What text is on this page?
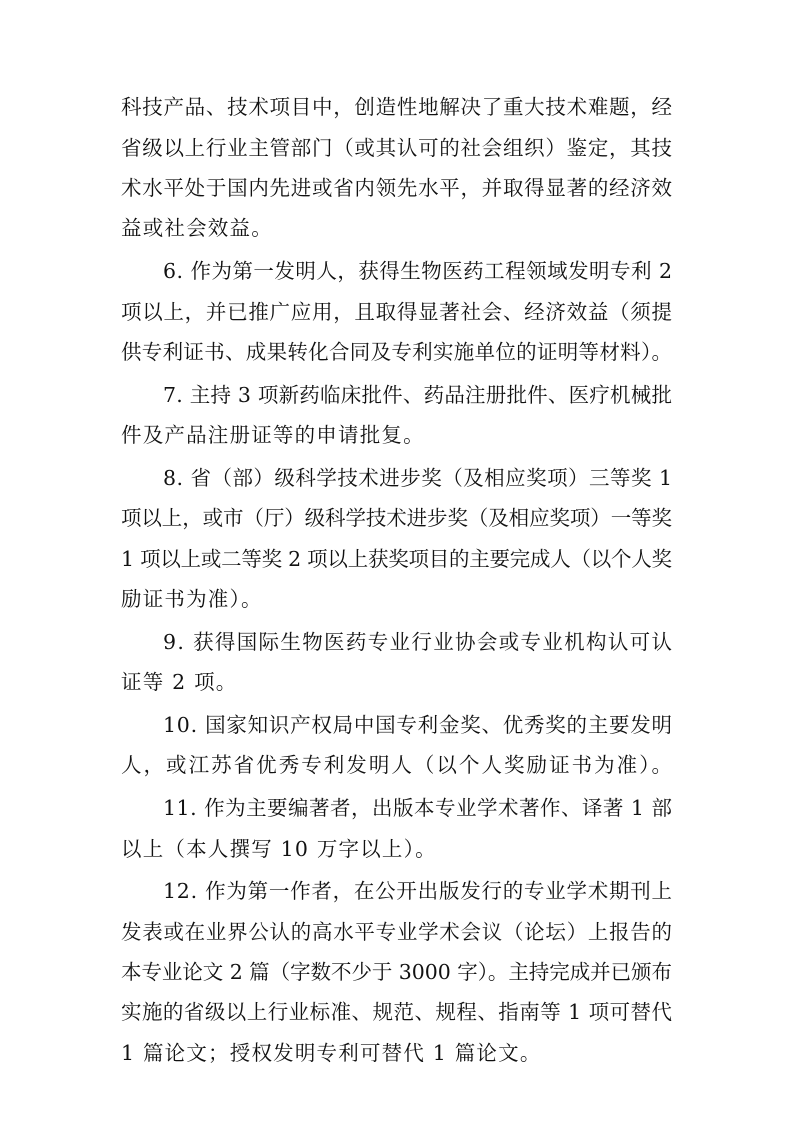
科技产品、技术项目中，创造性地解决了重大技术难题，经
省级以上行业主管部门（或其认可的社会组织）鉴定，其技
术水平处于国内先进或省内领先水平，并取得显著的经济效
益或社会效益。
6. 作为第一发明人，获得生物医药工程领域发明专利 2
项以上，并已推广应用，且取得显著社会、经济效益（须提
供专利证书、成果转化合同及专利实施单位的证明等材料）。
7. 主持 3 项新药临床批件、药品注册批件、医疗机械批
件及产品注册证等的申请批复。
8. 省（部）级科学技术进步奖（及相应奖项）三等奖 1
项以上，或市（厅）级科学技术进步奖（及相应奖项）一等奖
1 项以上或二等奖 2 项以上获奖项目的主要完成人（以个人奖
励证书为准）。
9. 获得国际生物医药专业行业协会或专业机构认可认
证等 2 项。
10. 国家知识产权局中国专利金奖、优秀奖的主要发明
人，或江苏省优秀专利发明人（以个人奖励证书为准）。
11. 作为主要编著者，出版本专业学术著作、译著 1 部
以上（本人撰写 10 万字以上）。
12. 作为第一作者，在公开出版发行的专业学术期刊上
发表或在业界公认的高水平专业学术会议（论坛）上报告的
本专业论文 2 篇（字数不少于 3000 字）。主持完成并已颁布
实施的省级以上行业标准、规范、规程、指南等 1 项可替代
1 篇论文；授权发明专利可替代 1 篇论文。
